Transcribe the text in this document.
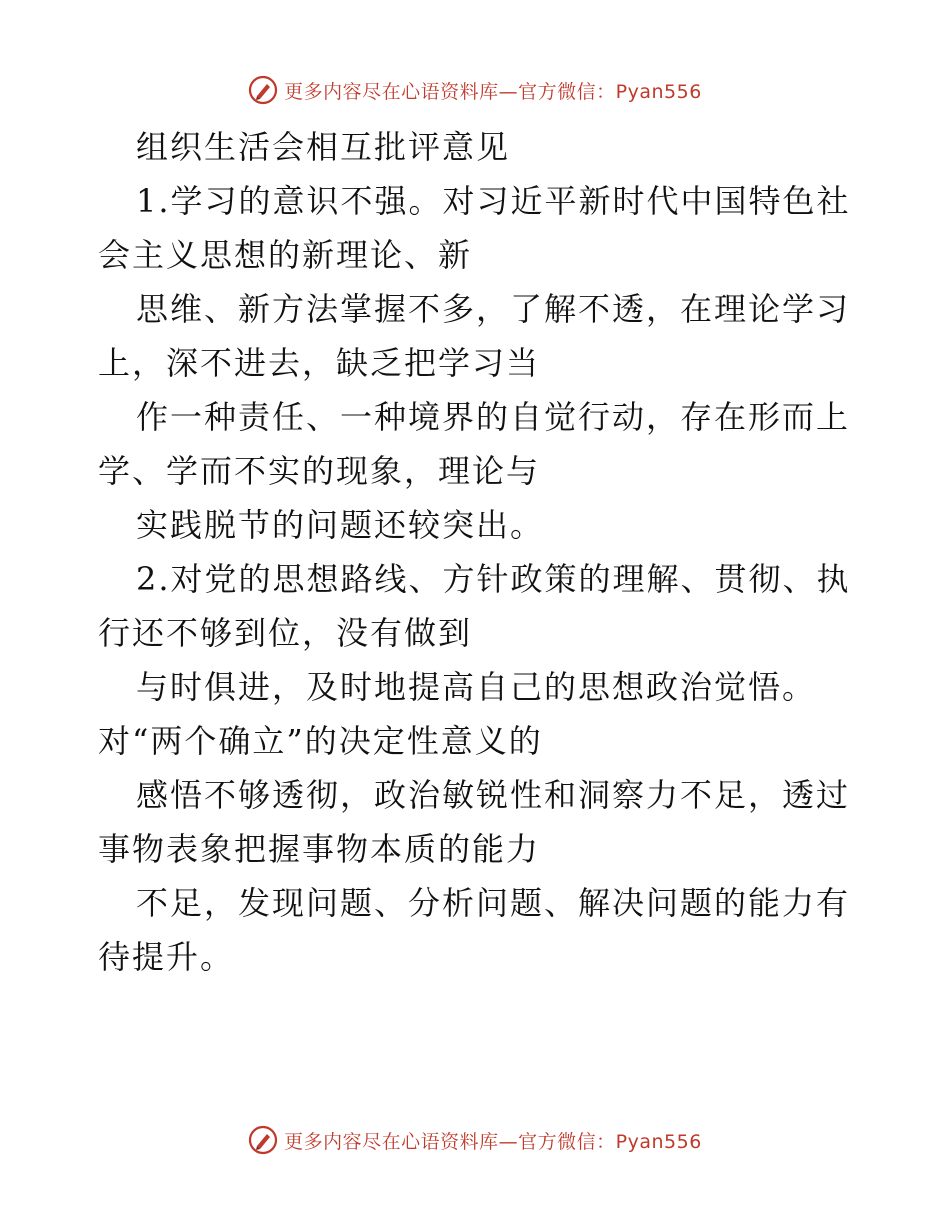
更多内容尽在心语资料库—官方微信：Pyan556
组织生活会相互批评意见
1.学习的意识不强。对习近平新时代中国特色社
会主义思想的新理论、新
思维、新方法掌握不多，了解不透，在理论学习
上，深不进去，缺乏把学习当
作一种责任、一种境界的自觉行动，存在形而上
学、学而不实的现象，理论与
实践脱节的问题还较突出。
2.对党的思想路线、方针政策的理解、贯彻、执
行还不够到位，没有做到
与时俱进，及时地提高自己的思想政治觉悟。
对“两个确立”的决定性意义的
感悟不够透彻，政治敏锐性和洞察力不足，透过
事物表象把握事物本质的能力
不足，发现问题、分析问题、解决问题的能力有
待提升。
更多内容尽在心语资料库—官方微信：Pyan556
